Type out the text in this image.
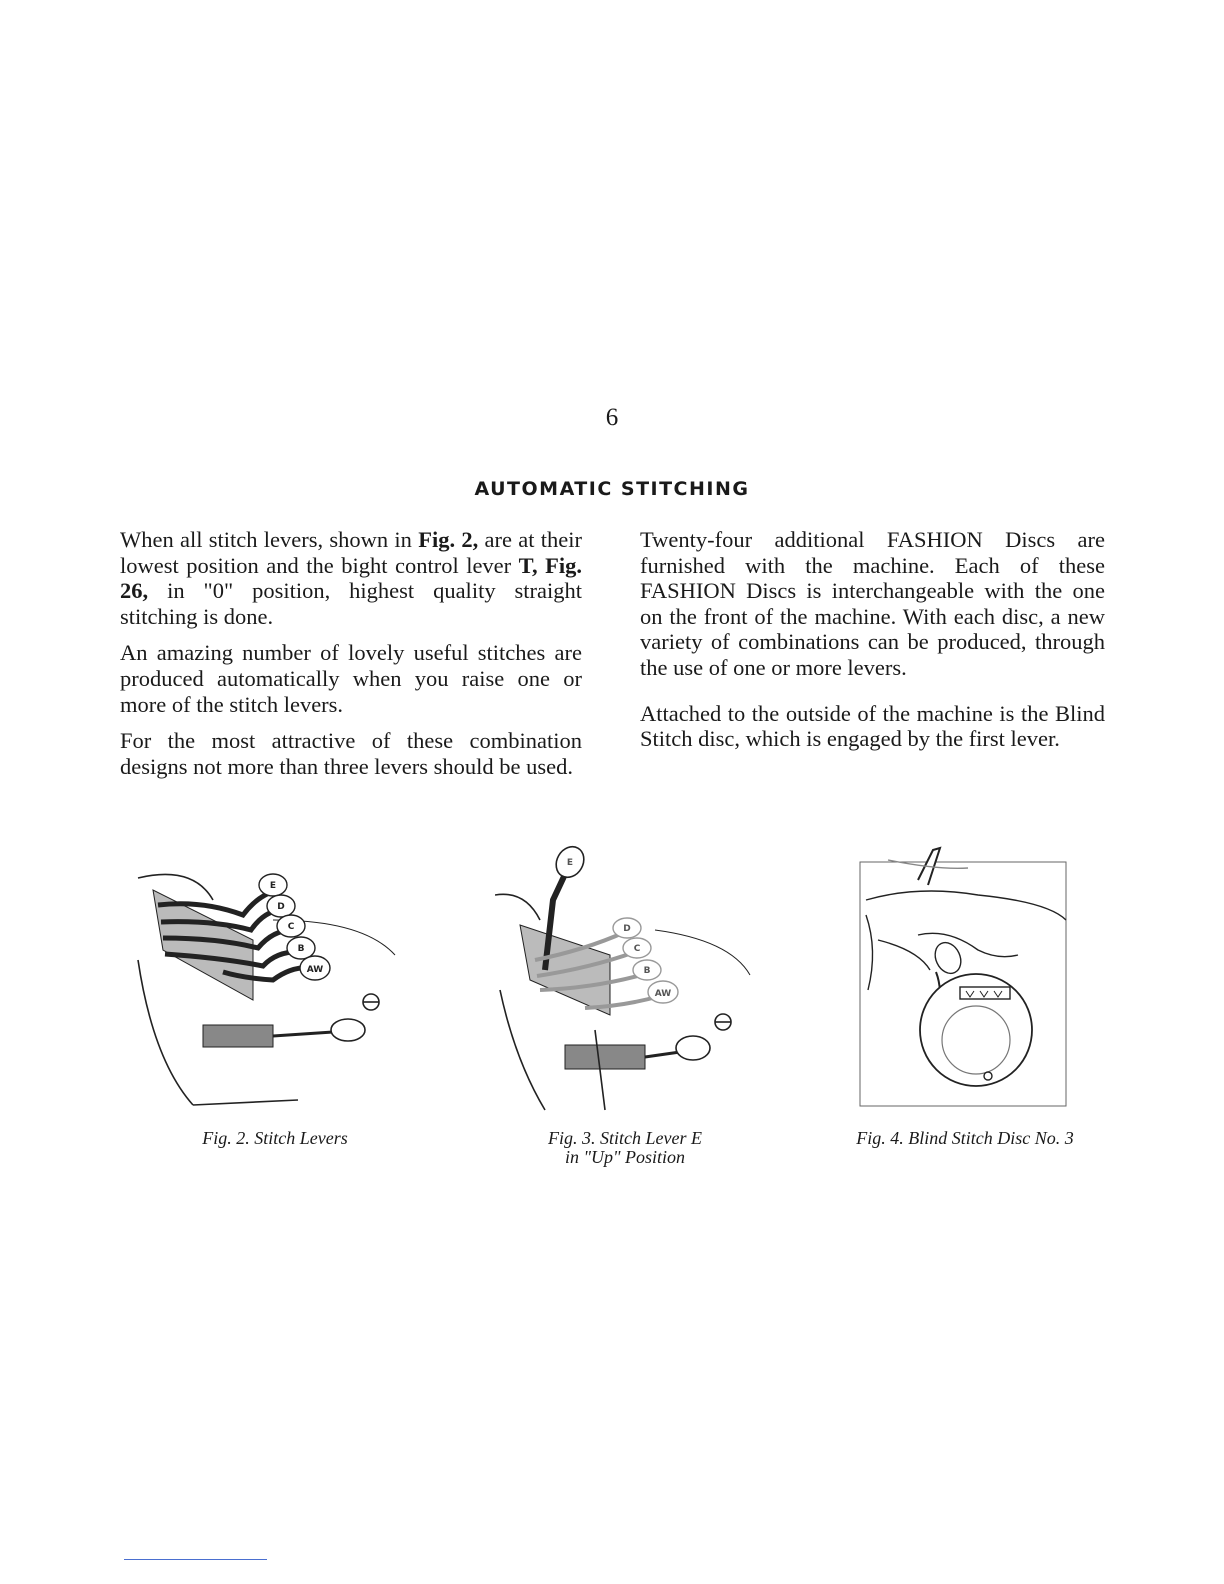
6
AUTOMATIC STITCHING

When all stitch levers, shown in Fig. 2, are at their lowest position and the bight control lever T, Fig. 26, in "0" position, highest quality straight stitching is done.

An amazing number of lovely useful stitches are produced automatically when you raise one or more of the stitch levers.

For the most attractive of these combination designs not more than three levers should be used.

Twenty-four additional FASHION Discs are furnished with the machine. Each of these FASHION Discs is interchangeable with the one on the front of the machine. With each disc, a new variety of combinations can be produced, through the use of one or more levers.

Attached to the outside of the machine is the Blind Stitch disc, which is engaged by the first lever.

E
D
C
B
AW
E
D
C
B
AW
Fig. 2. Stitch Levers	Fig. 3. Stitch Lever E
in "Up" Position
Fig. 4. Blind Stitch Disc No. 3
